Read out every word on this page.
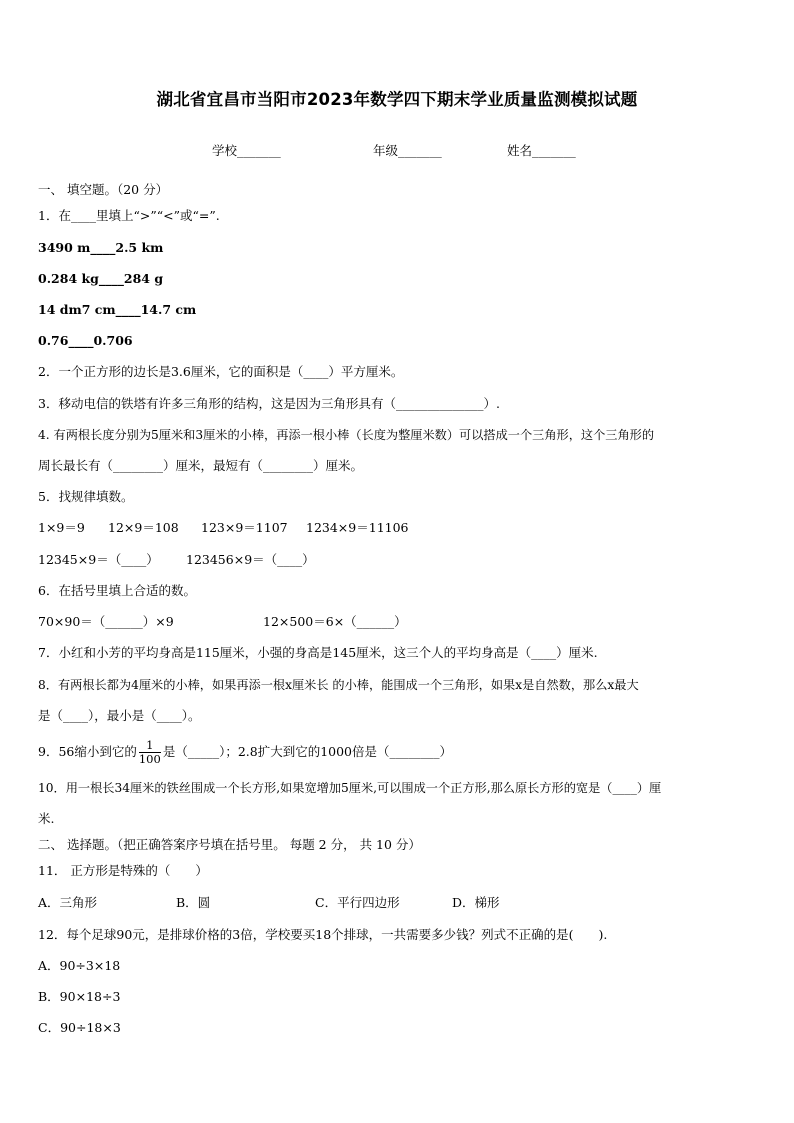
湖北省宜昌市当阳市2023年数学四下期末学业质量监测模拟试题
学校_______	年级_______	姓名_______
一、 填空题。（20 分）
1．在____里填上“>”“<”或“=”.
3490 m____2.5 km
0.284 kg____284 g
14 dm7 cm____14.7 cm
0.76____0.706
2．一个正方形的边长是3.6厘米，它的面积是（____）平方厘米。
3．移动电信的铁塔有许多三角形的结构，这是因为三角形具有（______________）.
4. 有两根长度分别为5厘米和3厘米的小棒，再添一根小棒（长度为整厘米数）可以搭成一个三角形，这个三角形的
周长最长有（________）厘米，最短有（________）厘米。
5．找规律填数。
1×9＝9	12×9＝108	123×9＝1107	1234×9＝11106
12345×9＝（____）	123456×9＝（____）
6．在括号里填上合适的数。
70×90＝（______）×9	12×500＝6×（______）
7．小红和小芳的平均身高是115厘米，小强的身高是145厘米，这三个人的平均身高是（____）厘米.
8．有两根长都为4厘米的小棒，如果再添一根x厘米长 的小棒，能围成一个三角形，如果x是自然数，那么x最大
是（____），最小是（____）。
9．56缩小到它的 $\frac{1}{100}$ 是（_____）；2.8扩大到它的1000倍是（________）
10．用一根长34厘米的铁丝围成一个长方形,如果宽增加5厘米,可以围成一个正方形,那么原长方形的宽是（____）厘
米.
二、 选择题。（把正确答案序号填在括号里。 每题 2 分， 共 10 分）
11． 正方形是特殊的（　　）
A．三角形	B．圆	C．平行四边形	D．梯形
12．每个足球90元，是排球价格的3倍，学校要买18个排球，一共需要多少钱？列式不正确的是(　　).
A．90÷3×18
B．90×18÷3
C．90÷18×3
